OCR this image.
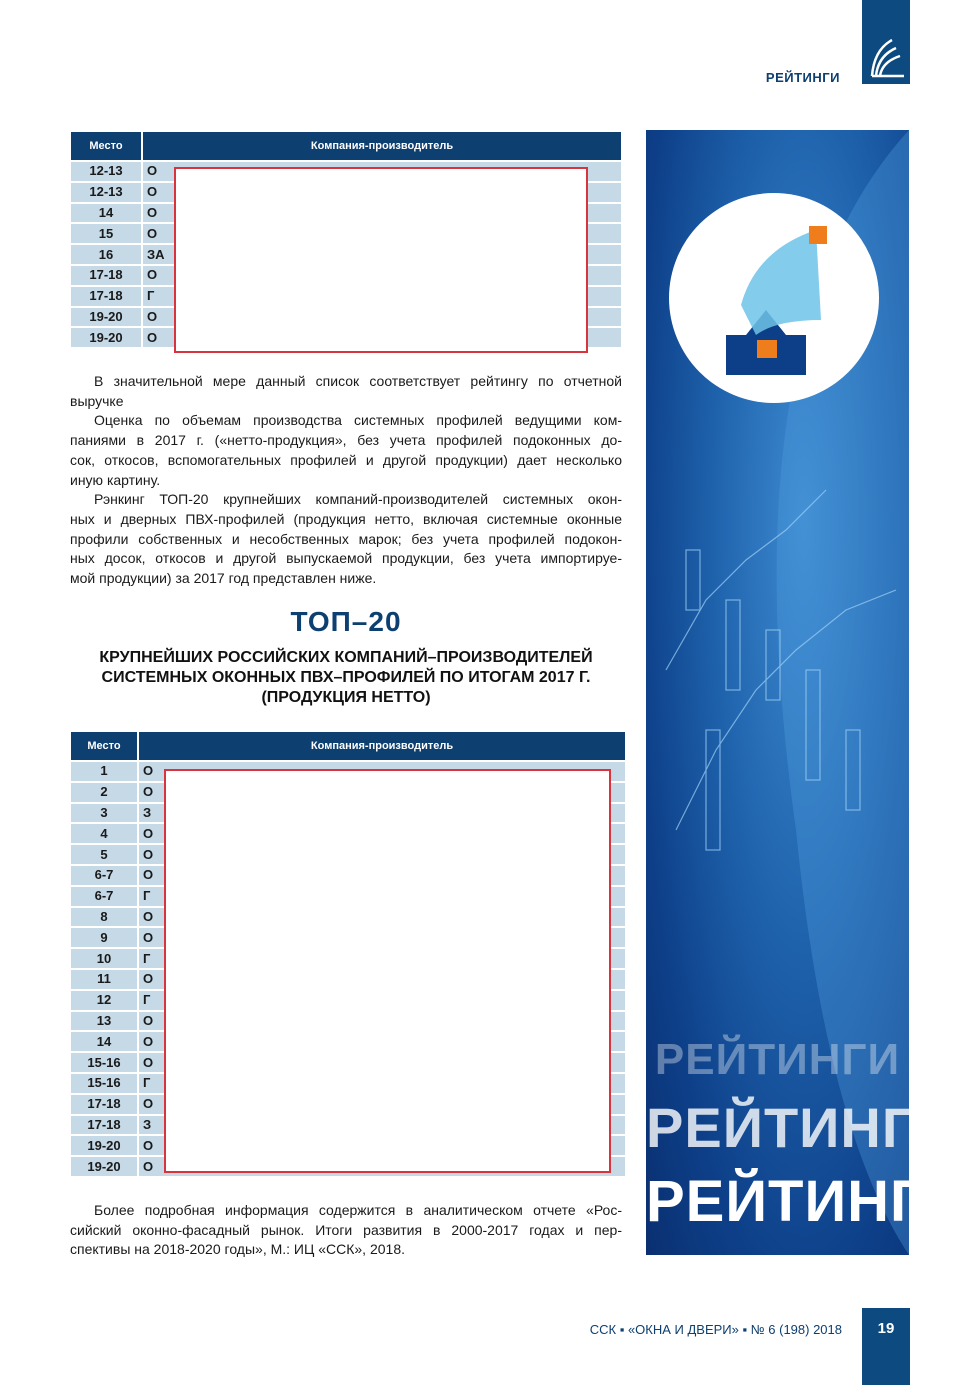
РЕЙТИНГИ
Место	Компания-производитель
12-13	О
12-13	О
14	О
15	О
16	ЗА
17-18	О
17-18	Г
19-20	О
19-20	О
В значительной мере данный список соответствует рейтингу по отчетной
выручке
Оценка по объемам производства системных профилей ведущими ком-
паниями в 2017 г. («нетто-продукция», без учета профилей подоконных до-
сок, откосов, вспомогательных профилей и другой продукции) дает несколько
иную картину.
Рэнкинг ТОП-20 крупнейших компаний-производителей системных окон-
ных и дверных ПВХ-профилей (продукция нетто, включая системные оконные
профили собственных и несобственных марок; без учета профилей подокон-
ных досок, откосов и другой выпускаемой продукции, без учета импортируе-
мой продукции) за 2017 год представлен ниже.
ТОП–20
КРУПНЕЙШИХ РОССИЙСКИХ КОМПАНИЙ–ПРОИЗВОДИТЕЛЕЙ
СИСТЕМНЫХ ОКОННЫХ ПВХ–ПРОФИЛЕЙ ПО ИТОГАМ 2017 Г.
(ПРОДУКЦИЯ НЕТТО)
Место	Компания-производитель
1	О
2	О
3	З
4	О
5	О
6-7	О
6-7	Г
8	О
9	О
10	Г
11	О
12	Г
13	О
14	О
15-16	О
15-16	Г
17-18	О
17-18	З
19-20	О
19-20	О
Более подробная информация содержится в аналитическом отчете «Рос-
сийский оконно-фасадный рынок. Итоги развития в 2000-2017 годах и пер-
спективы на 2018-2020 годы», М.: ИЦ «ССК», 2018.
РЕЙТИНГИ
РЕЙТИНГИ
РЕЙТИНГИ
ССК ▪ «ОКНА И ДВЕРИ» ▪ № 6 (198) 2018	19
